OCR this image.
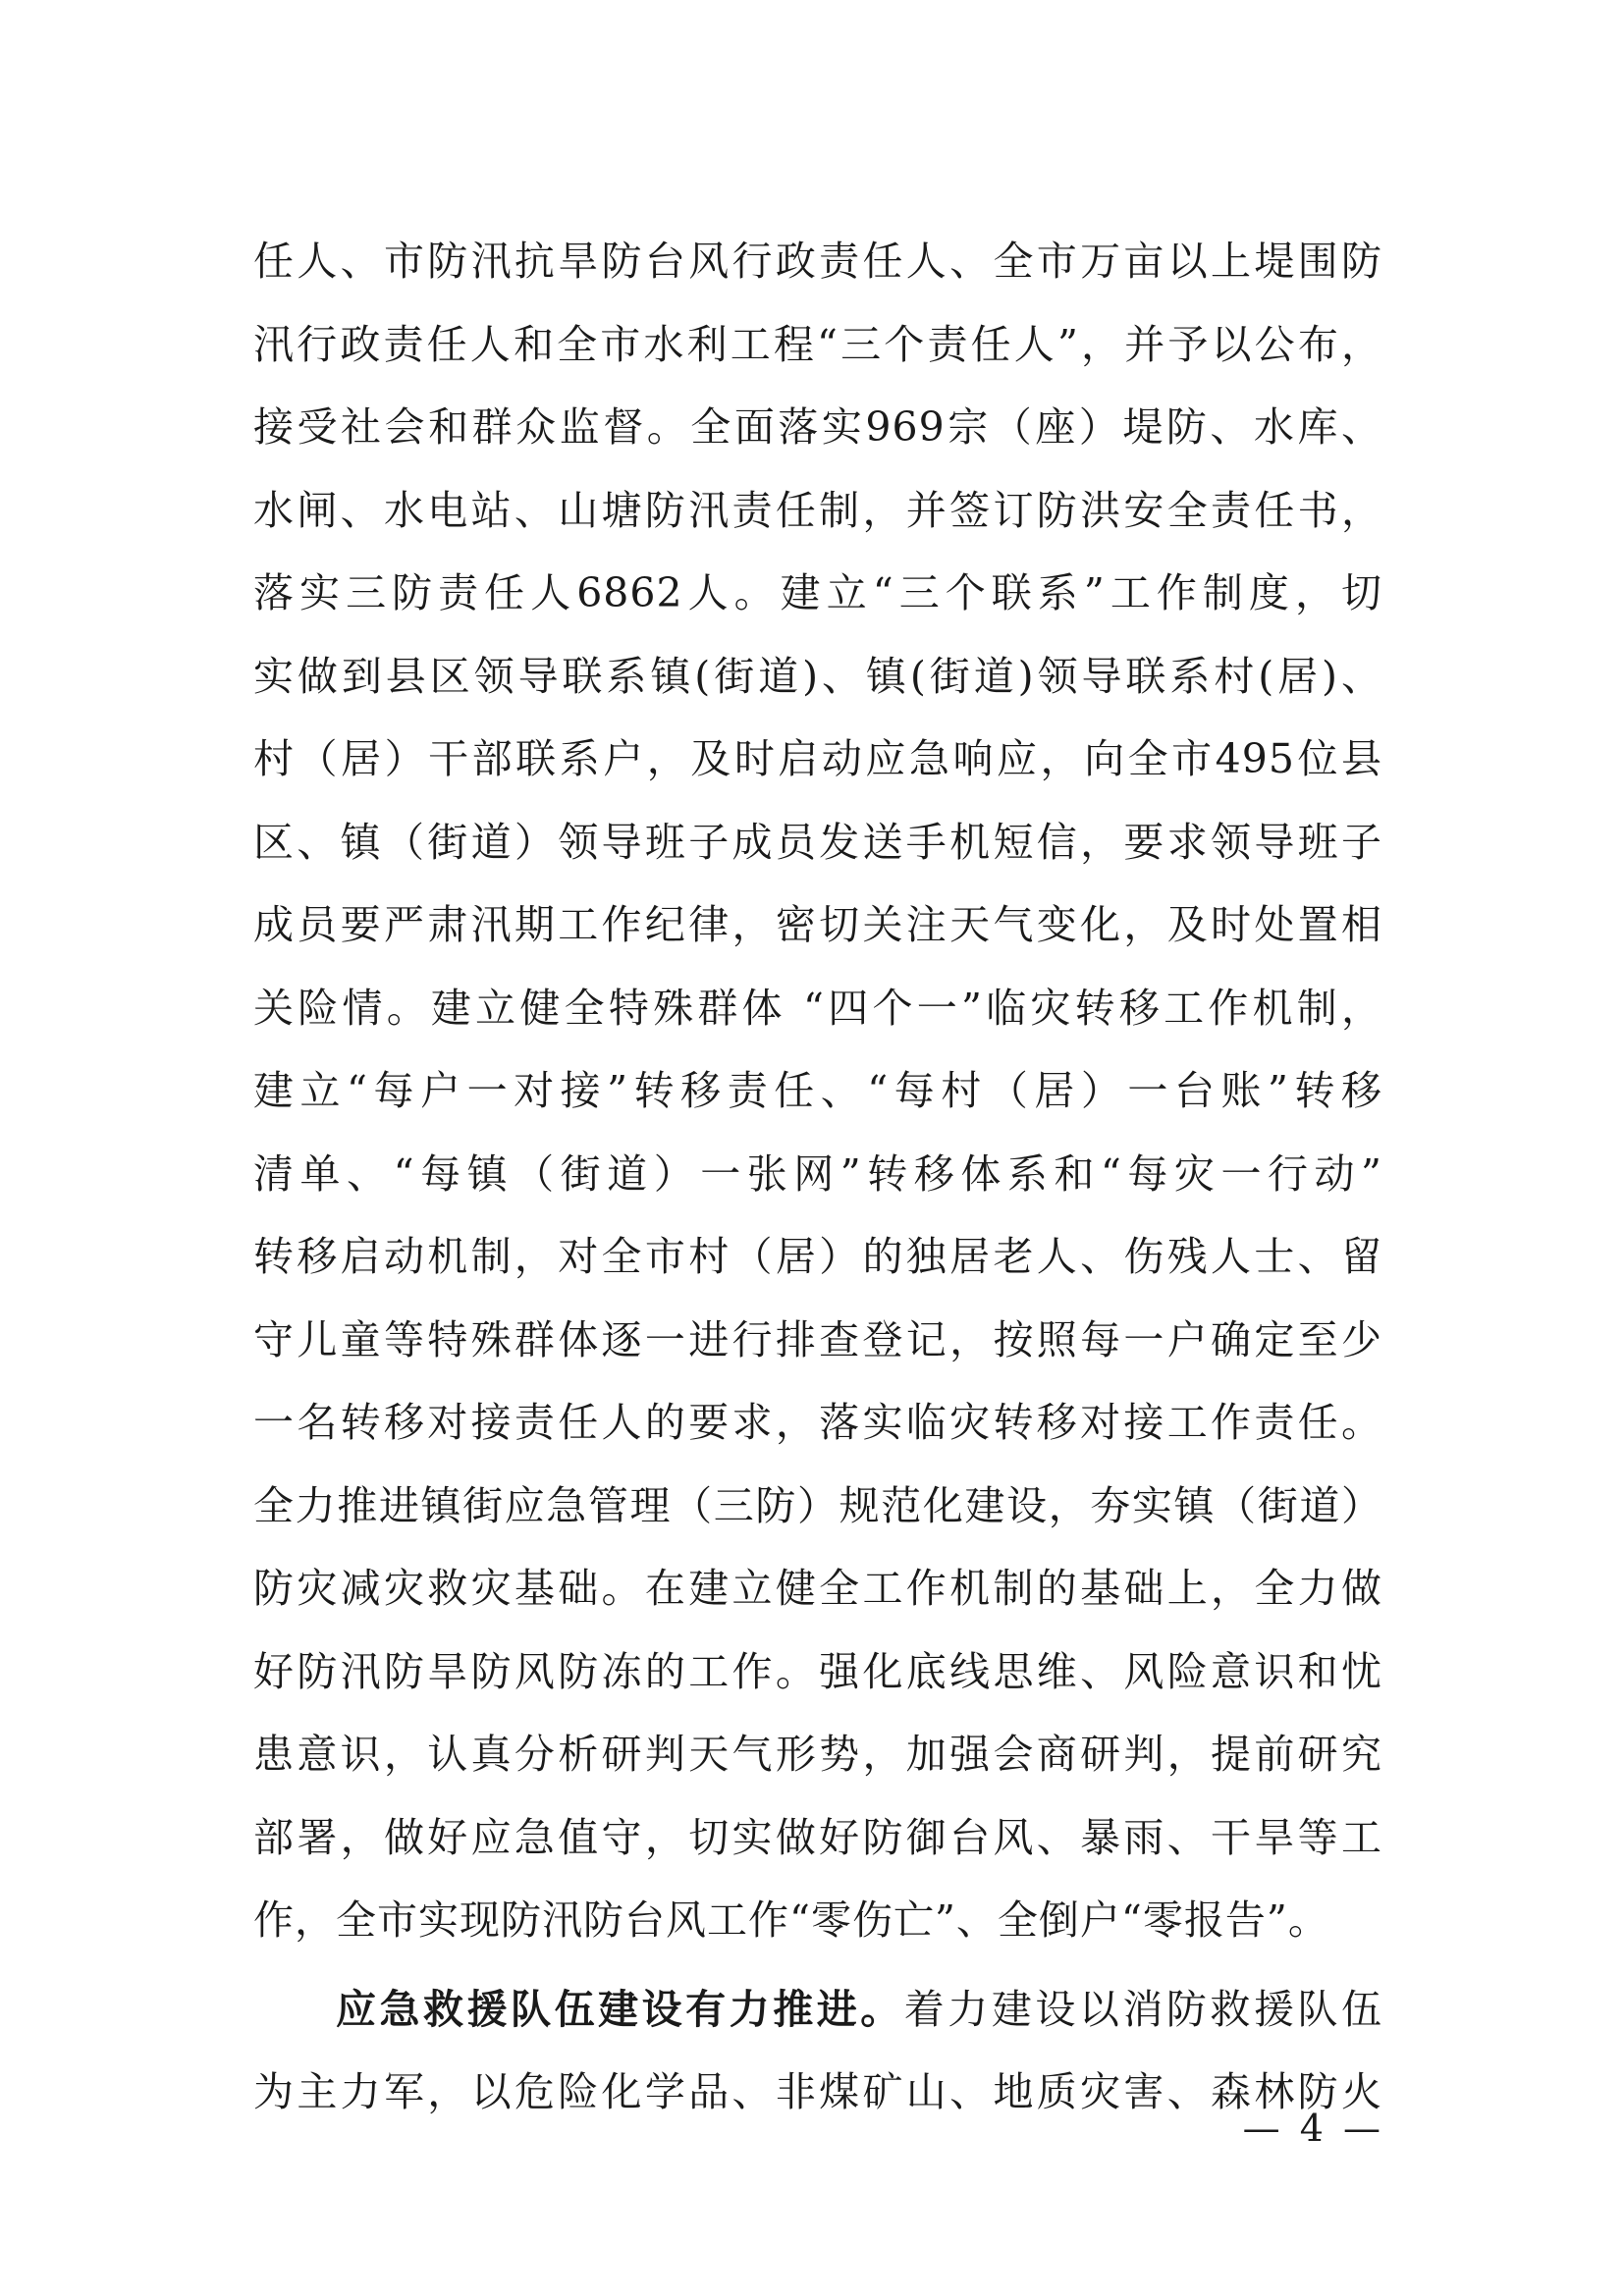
任人、市防汛抗旱防台风行政责任人、全市万亩以上堤围防
汛行政责任人和全市水利工程“三个责任人”，并予以公布，
接受社会和群众监督。全面落实969宗（座）堤防、水库、
水闸、水电站、山塘防汛责任制，并签订防洪安全责任书，
落实三防责任人6862人。建立“三个联系”工作制度，切
实做到县区领导联系镇(街道)、镇(街道)领导联系村(居)、
村（居）干部联系户，及时启动应急响应，向全市495位县
区、镇（街道）领导班子成员发送手机短信，要求领导班子
成员要严肃汛期工作纪律，密切关注天气变化，及时处置相
关险情。建立健全特殊群体 “四个一”临灾转移工作机制，
建立“每户一对接”转移责任、“每村（居）一台账”转移
清单、“每镇（街道）一张网”转移体系和“每灾一行动”
转移启动机制，对全市村（居）的独居老人、伤残人士、留
守儿童等特殊群体逐一进行排查登记，按照每一户确定至少
一名转移对接责任人的要求，落实临灾转移对接工作责任。
全力推进镇街应急管理（三防）规范化建设，夯实镇（街道）
防灾减灾救灾基础。在建立健全工作机制的基础上，全力做
好防汛防旱防风防冻的工作。强化底线思维、风险意识和忧
患意识，认真分析研判天气形势，加强会商研判，提前研究
部署，做好应急值守，切实做好防御台风、暴雨、干旱等工
作，全市实现防汛防台风工作“零伤亡”、全倒户“零报告”。
应急救援队伍建设有力推进。着力建设以消防救援队伍
为主力军，以危险化学品、非煤矿山、地质灾害、森林防火
— 4 —
